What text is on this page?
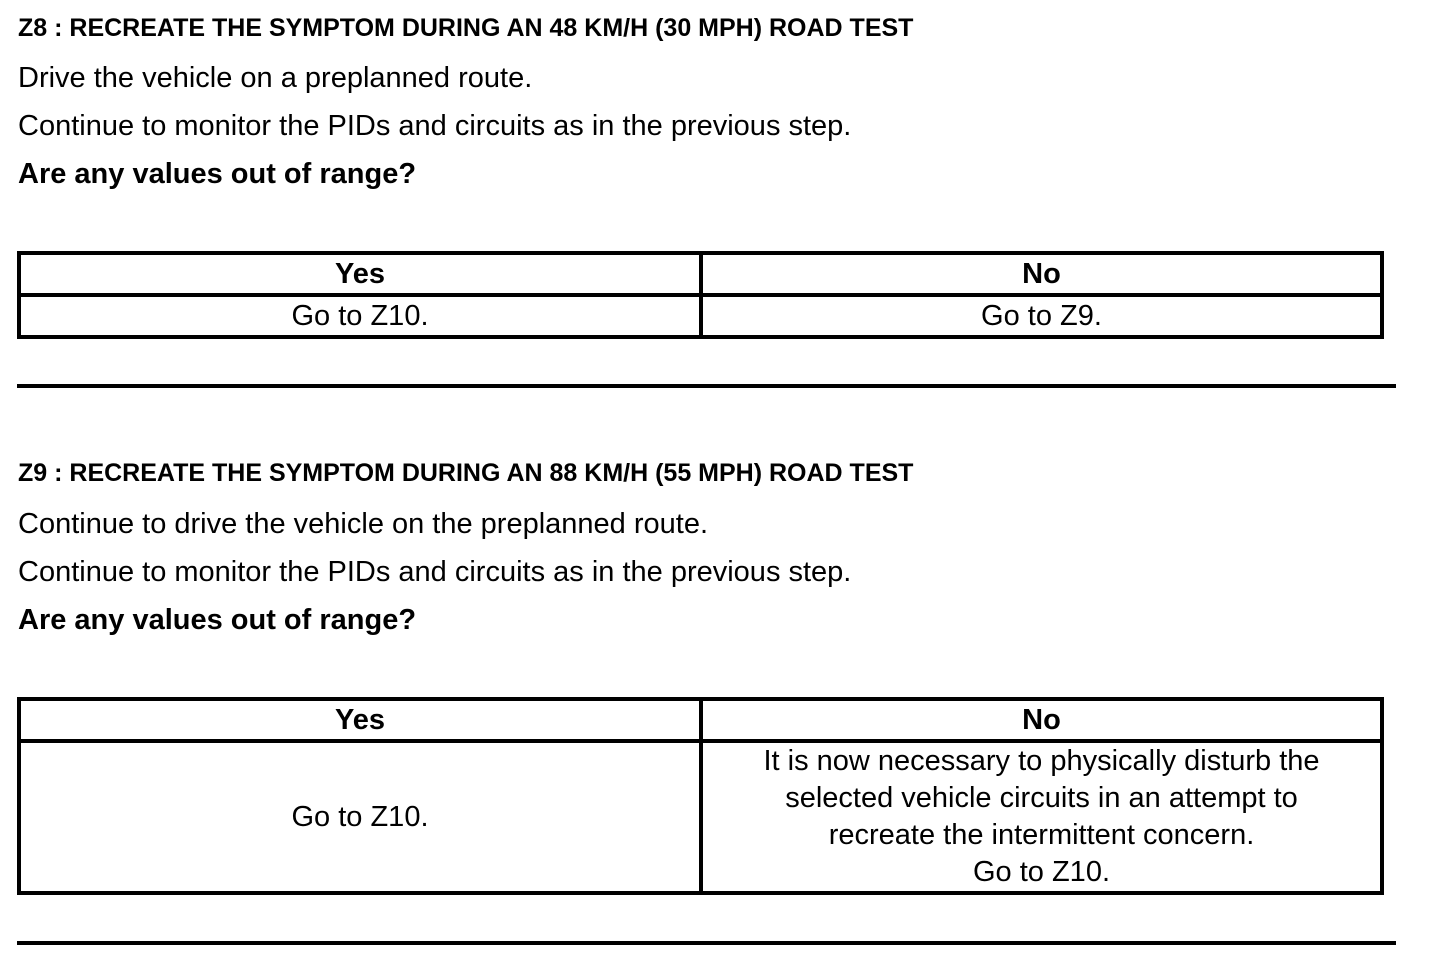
Z8 : RECREATE THE SYMPTOM DURING AN 48 KM/H (30 MPH) ROAD TEST

Drive the vehicle on a preplanned route.

Continue to monitor the PIDs and circuits as in the previous step.

Are any values out of range?

Yes	No
Go to Z10.	Go to Z9.
Z9 : RECREATE THE SYMPTOM DURING AN 88 KM/H (55 MPH) ROAD TEST

Continue to drive the vehicle on the preplanned route.

Continue to monitor the PIDs and circuits as in the previous step.

Are any values out of range?

Yes	No
Go to Z10.	It is now necessary to physically disturb the
selected vehicle circuits in an attempt to
recreate the intermittent concern.
Go to Z10.
